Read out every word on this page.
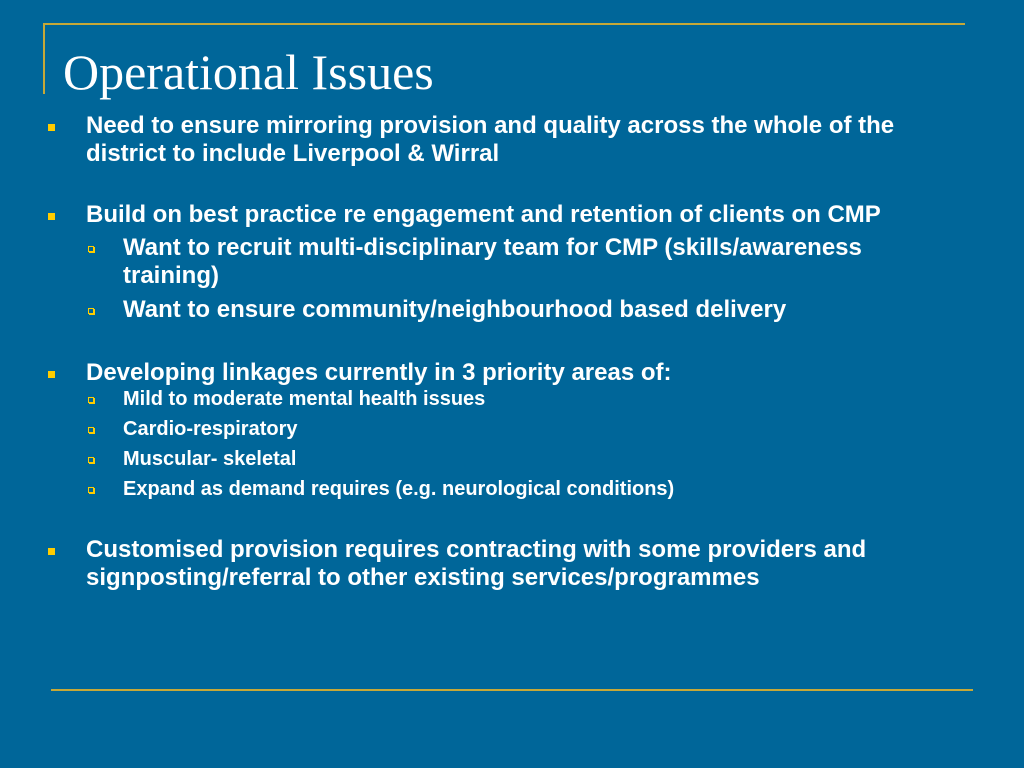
Operational Issues
Need to ensure mirroring provision and quality across the whole of the district to include Liverpool & Wirral
Build on best practice re engagement and retention of clients on CMP
Want to recruit multi-disciplinary team for CMP (skills/awareness training)
Want to ensure community/neighbourhood based delivery
Developing linkages currently in 3 priority areas of:
Mild to moderate mental health issues
Cardio-respiratory
Muscular- skeletal
Expand as demand requires (e.g. neurological conditions)
Customised provision requires contracting with some providers and signposting/referral to other existing services/programmes
